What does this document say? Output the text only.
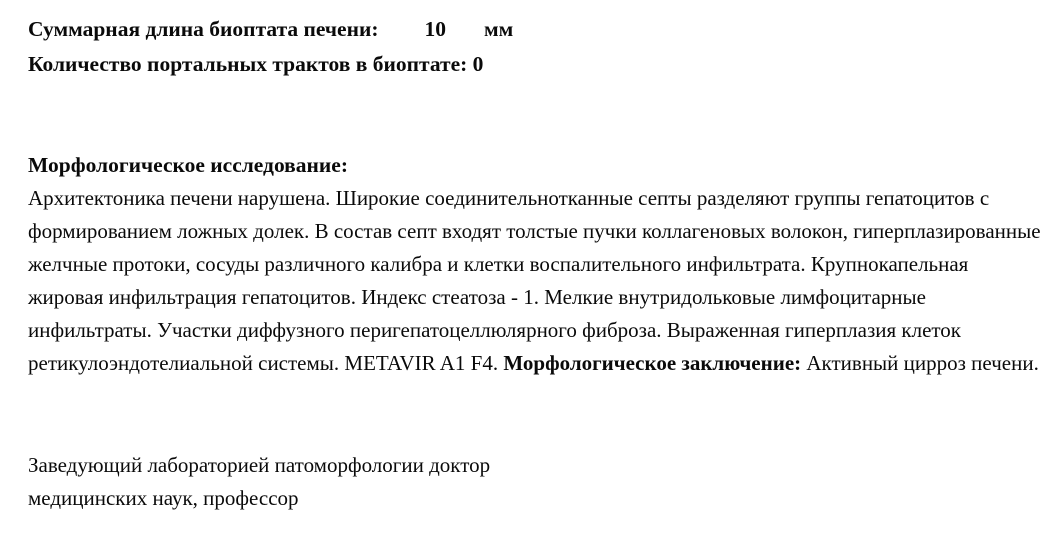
Суммарная длина биоптата печени: 10 мм
Количество портальных трактов в биоптате: 0
Морфологическое исследование:
Архитектоника печени нарушена. Широкие соединительнотканные септы разделяют группы гепатоцитов с формированием ложных долек. В состав септ входят толстые пучки коллагеновых волокон, гиперплазированные желчные протоки, сосуды различного калибра и клетки воспалительного инфильтрата. Крупнокапельная жировая инфильтрация гепатоцитов. Индекс стеатоза - 1. Мелкие внутридольковые лимфоцитарные инфильтраты. Участки диффузного перигепатоцеллюлярного фиброза. Выраженная гиперплазия клеток ретикулоэндотелиальной системы. METAVIR A1 F4. Морфологическое заключение: Активный цирроз печени.
Заведующий лабораторией патоморфологии доктор
медицинских наук, профессор
